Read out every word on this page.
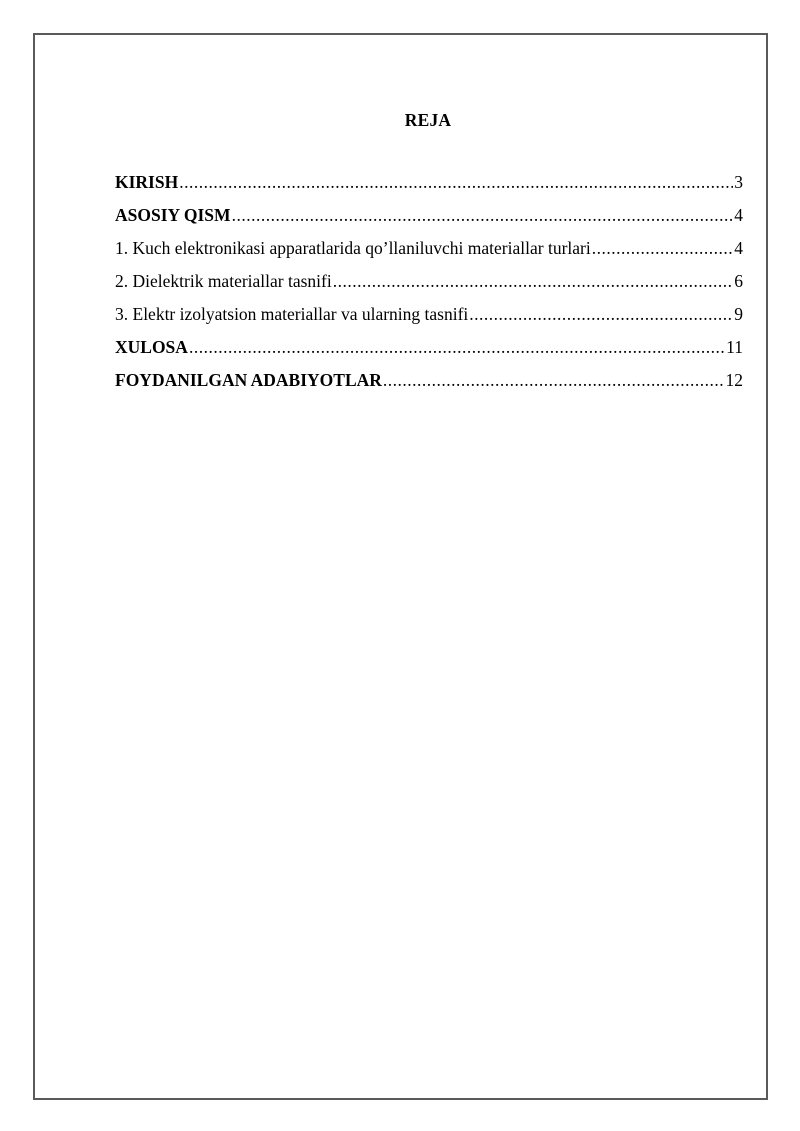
REJA
KIRISH .....	3
ASOSIY QISM .....	4
1. Kuch elektronikasi apparatlarida qo’llaniluvchi materiallar turlari .....	4
2. Dielektrik materiallar tasnifi .....	6
3. Elektr izolyatsion materiallar va ularning tasnifi .....	9
XULOSA .....	11
FOYDANILGAN ADABIYOTLAR .....	12
